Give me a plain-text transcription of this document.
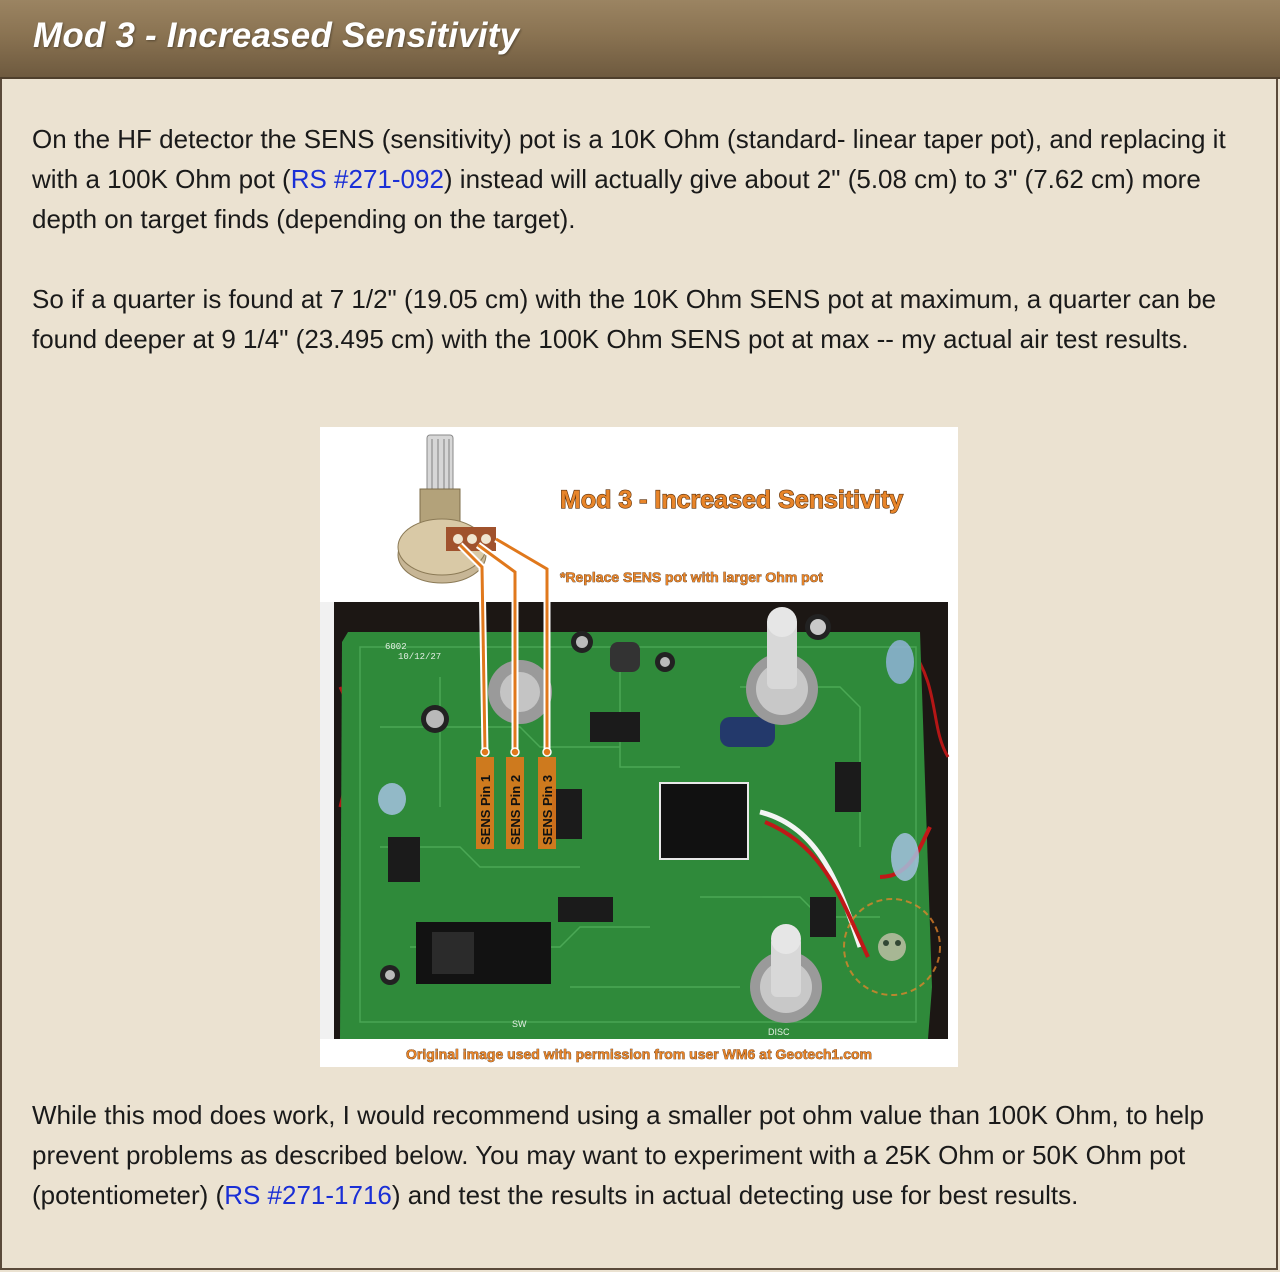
Mod 3 - Increased Sensitivity

On the HF detector the SENS (sensitivity) pot is a 10K Ohm (standard- linear taper pot), and replacing it with a 100K Ohm pot (RS #271-092) instead will actually give about 2" (5.08 cm) to 3" (7.62 cm) more depth on target finds (depending on the target).

So if a quarter is found at 7 1/2" (19.05 cm) with the 10K Ohm SENS pot at maximum, a quarter can be found deeper at 9 1/4" (23.495 cm) with the 100K Ohm SENS pot at max -- my actual air test results.

6002
10/12/27
SW
DISC
SENS Pin 1 SENS Pin 2 SENS Pin 3
Mod 3 - Increased Sensitivity
*Replace SENS pot with larger Ohm pot
Original image used with permission from user WM6 at Geotech1.com

While this mod does work, I would recommend using a smaller pot ohm value than 100K Ohm, to help prevent problems as described below. You may want to experiment with a 25K Ohm or 50K Ohm pot (potentiometer) (RS #271-1716) and test the results in actual detecting use for best results.
